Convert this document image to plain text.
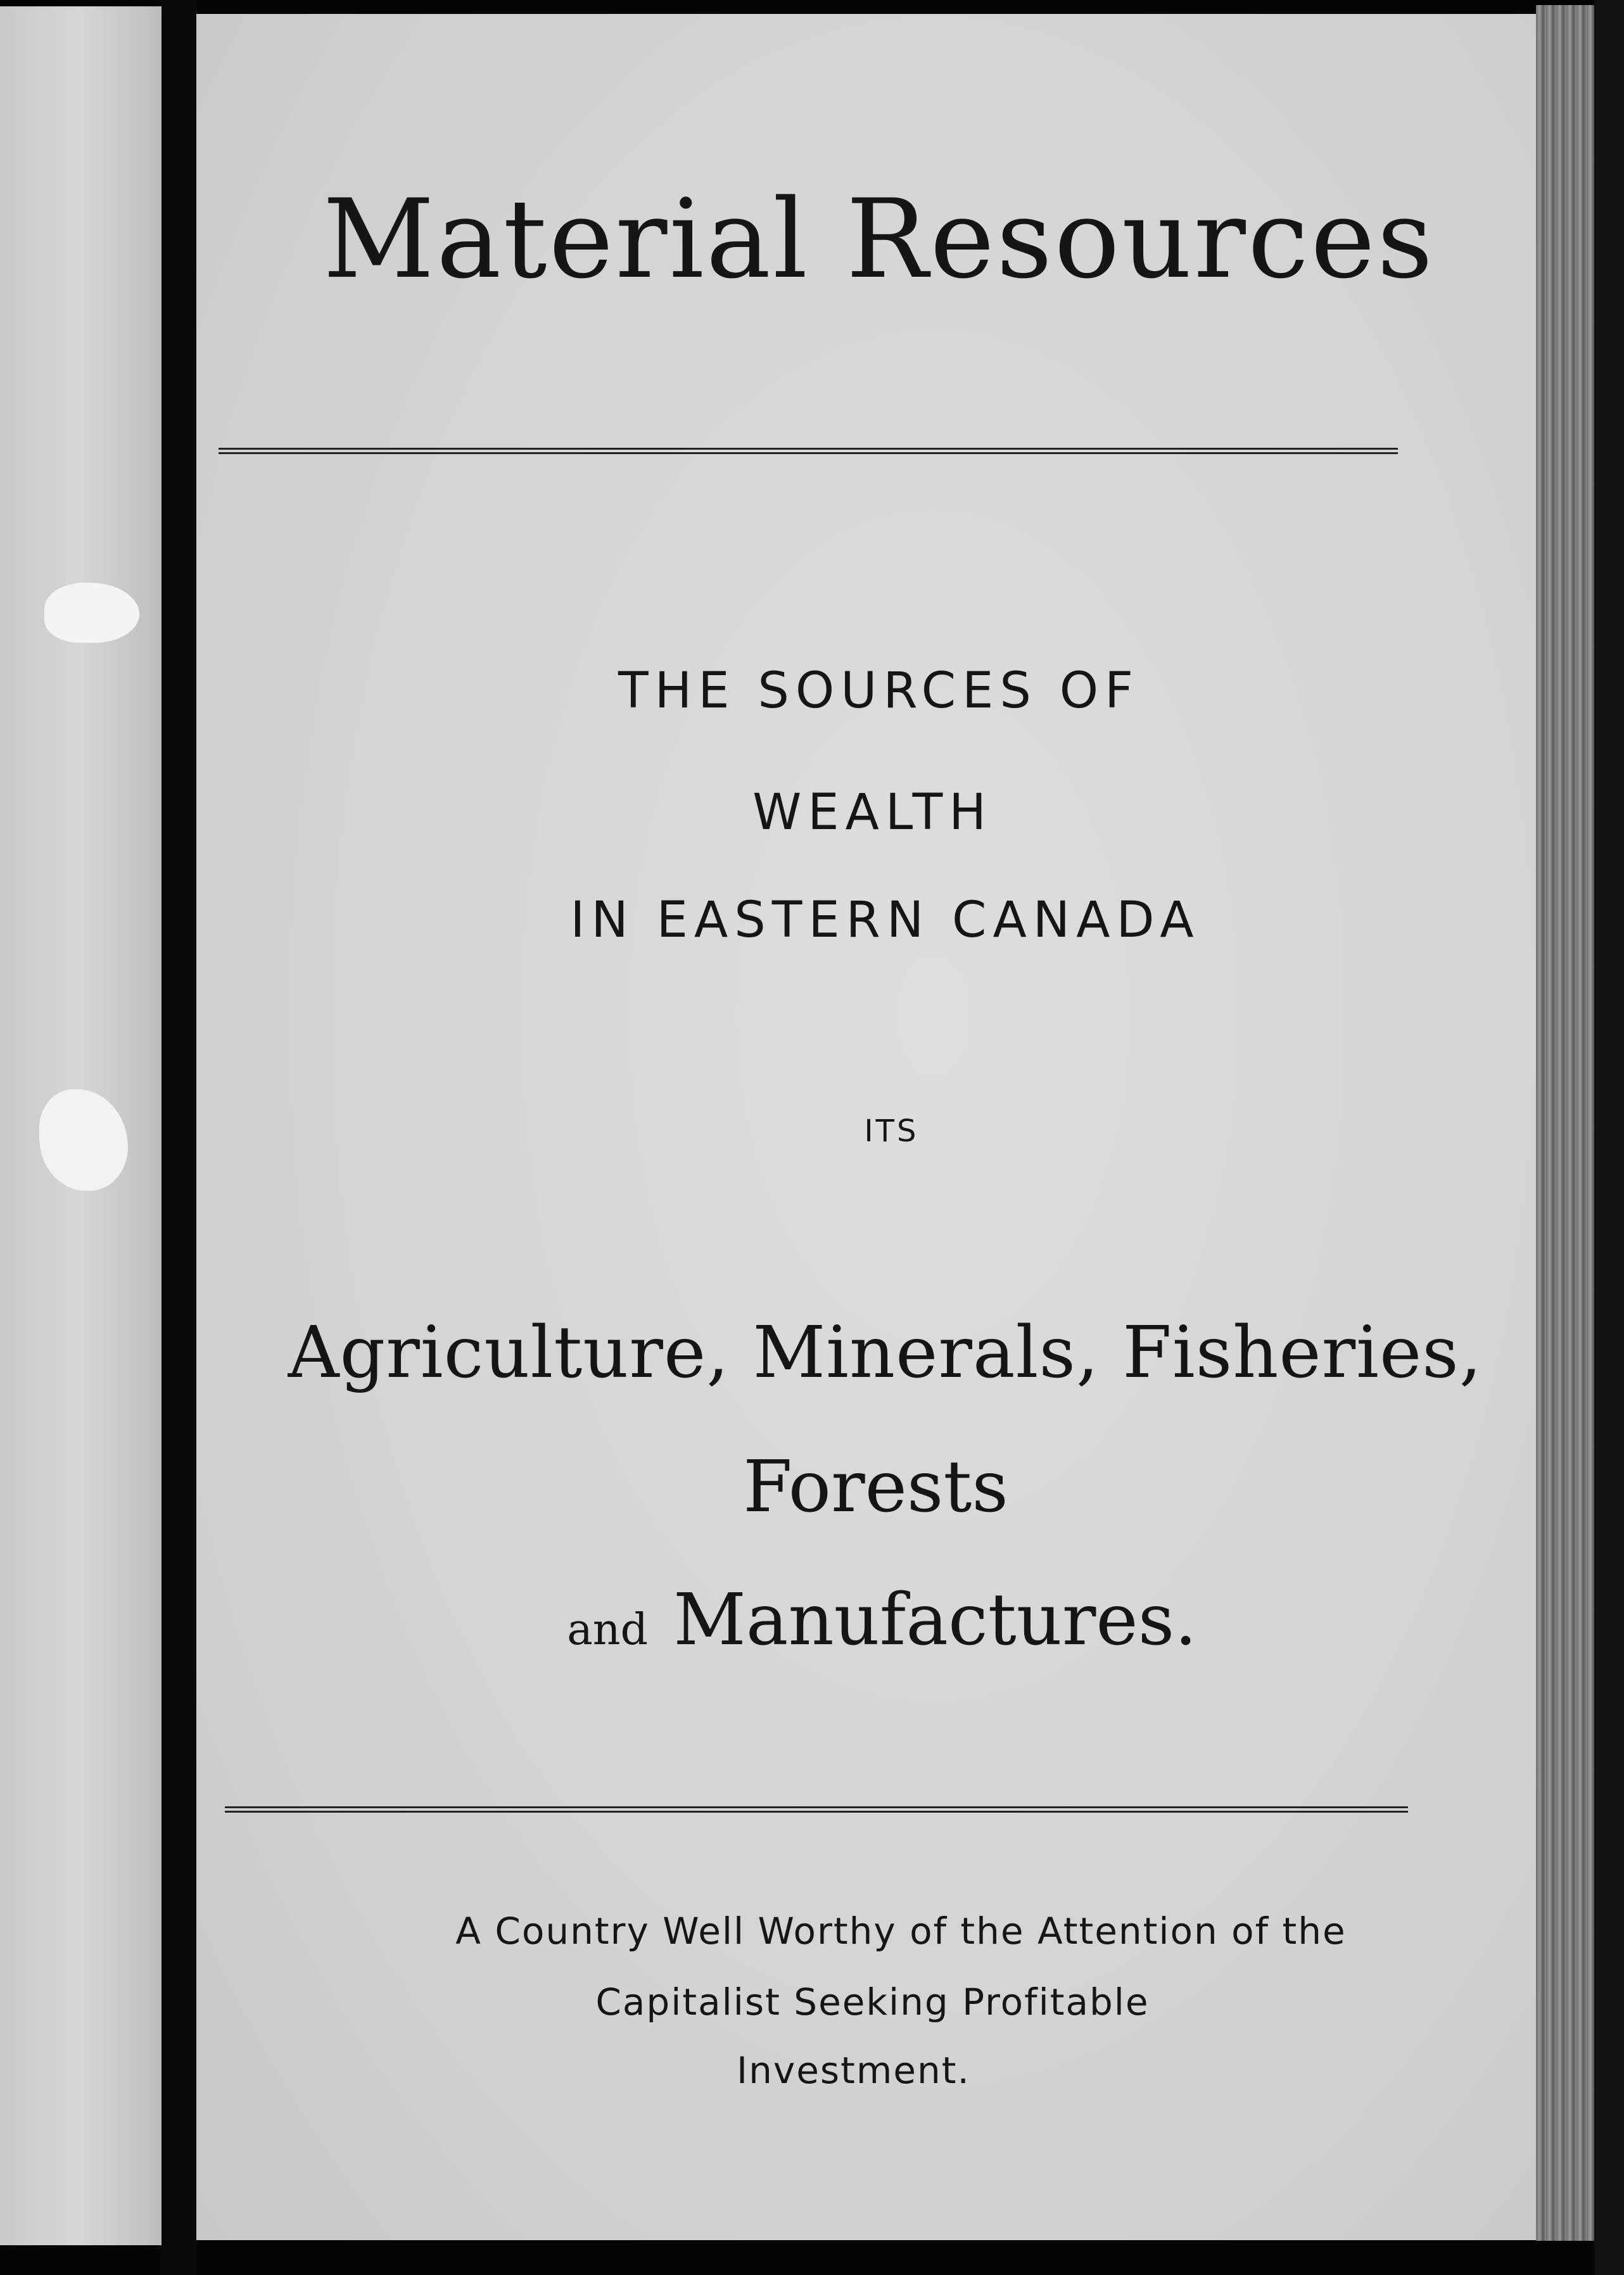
Material Resources

THE SOURCES OF

WEALTH

IN EASTERN CANADA

ITS

Agriculture, Minerals, Fisheries,

Forests

and Manufactures.

A Country Well Worthy of the Attention of the

Capitalist Seeking Profitable

Investment.
